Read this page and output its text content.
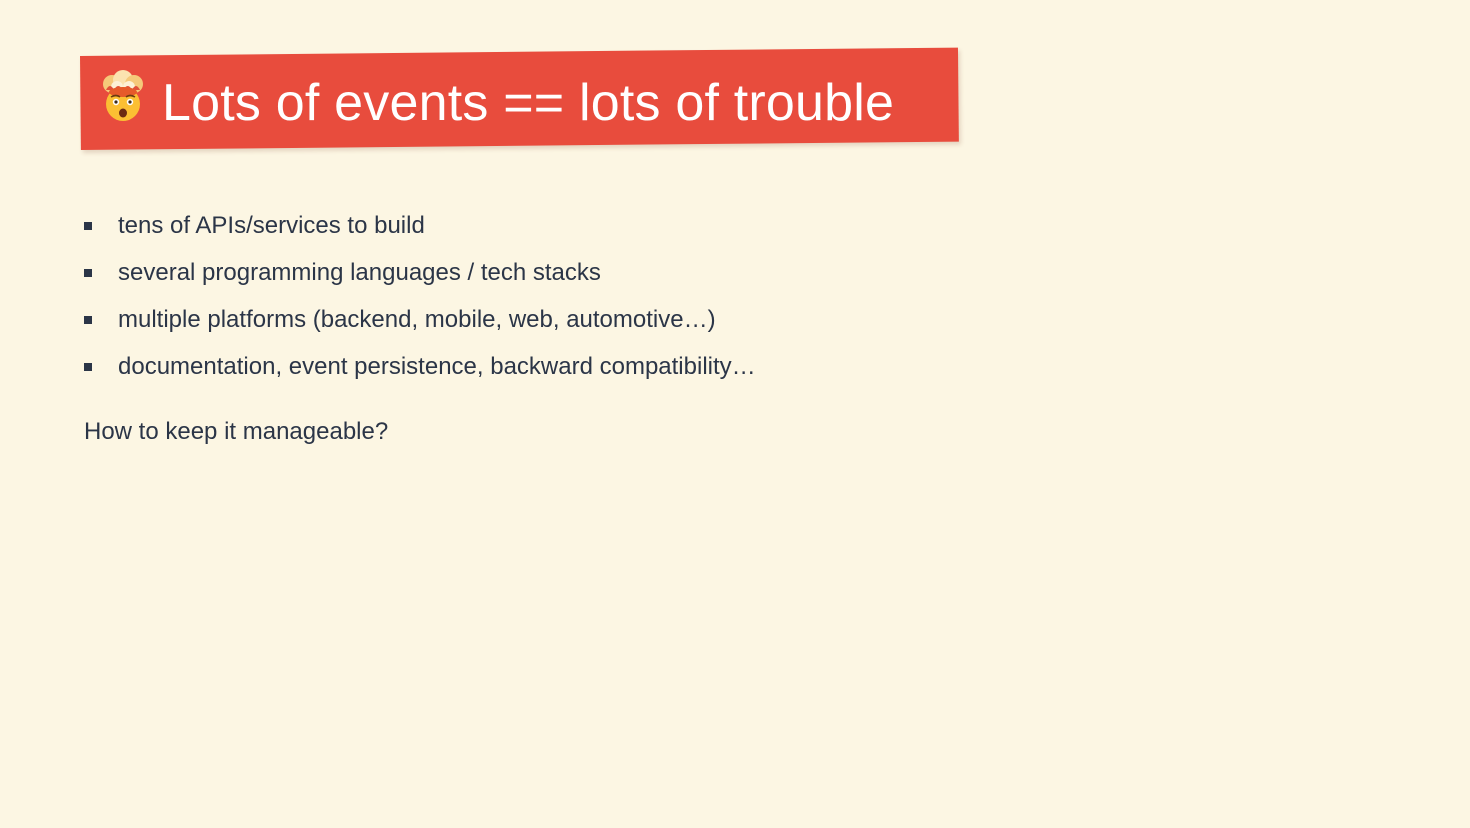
Lots of events == lots of trouble
tens of APIs/services to build
several programming languages / tech stacks
multiple platforms (backend, mobile, web, automotive…)
documentation, event persistence, backward compatibility…
How to keep it manageable?
